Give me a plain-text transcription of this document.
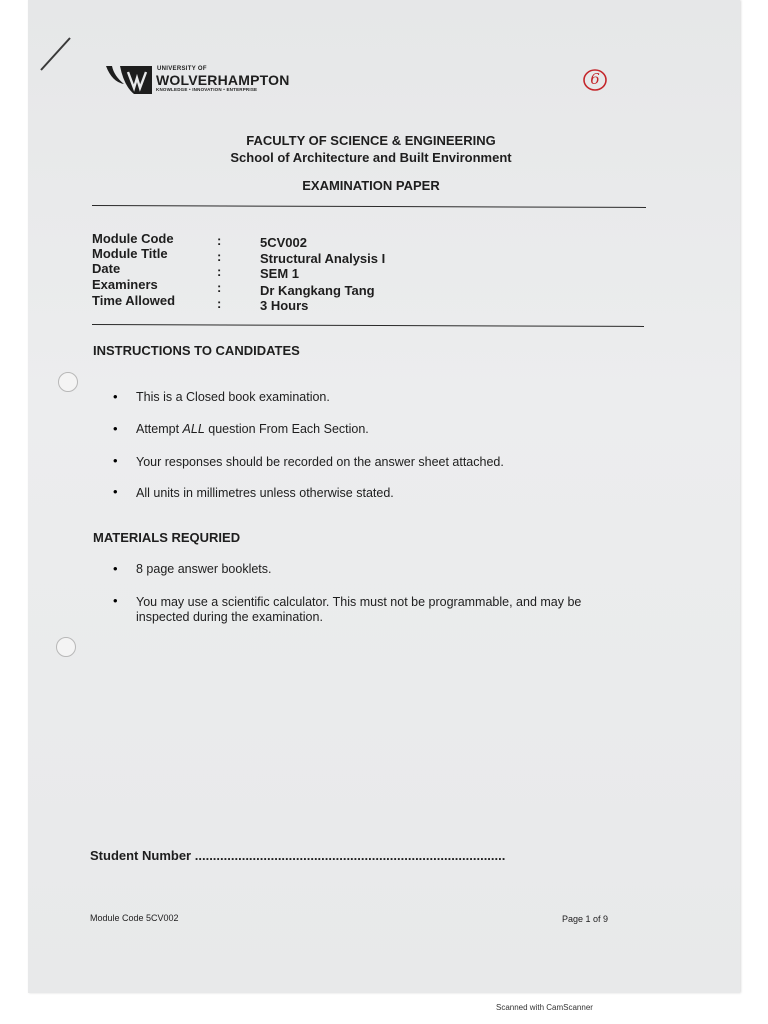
UNIVERSITY OF
WOLVERHAMPTON
KNOWLEDGE • INNOVATION • ENTERPRISE
6
FACULTY OF SCIENCE & ENGINEERING
School of Architecture and Built Environment
EXAMINATION PAPER
Module Code	:	5CV002
Module Title	:	Structural Analysis I
Date	:	SEM 1
Examiners	:	Dr Kangkang Tang
Time Allowed	:	3 Hours
INSTRUCTIONS TO CANDIDATES
• This is a Closed book examination.
• Attempt ALL question From Each Section.
• Your responses should be recorded on the answer sheet attached.
• All units in millimetres unless otherwise stated.
MATERIALS REQURIED
• 8 page answer booklets.
• You may use a scientific calculator. This must not be programmable, and may be inspected during the examination.
Student Number ......................................................................................
Module Code 5CV002	Page 1 of 9
Scanned with CamScanner
